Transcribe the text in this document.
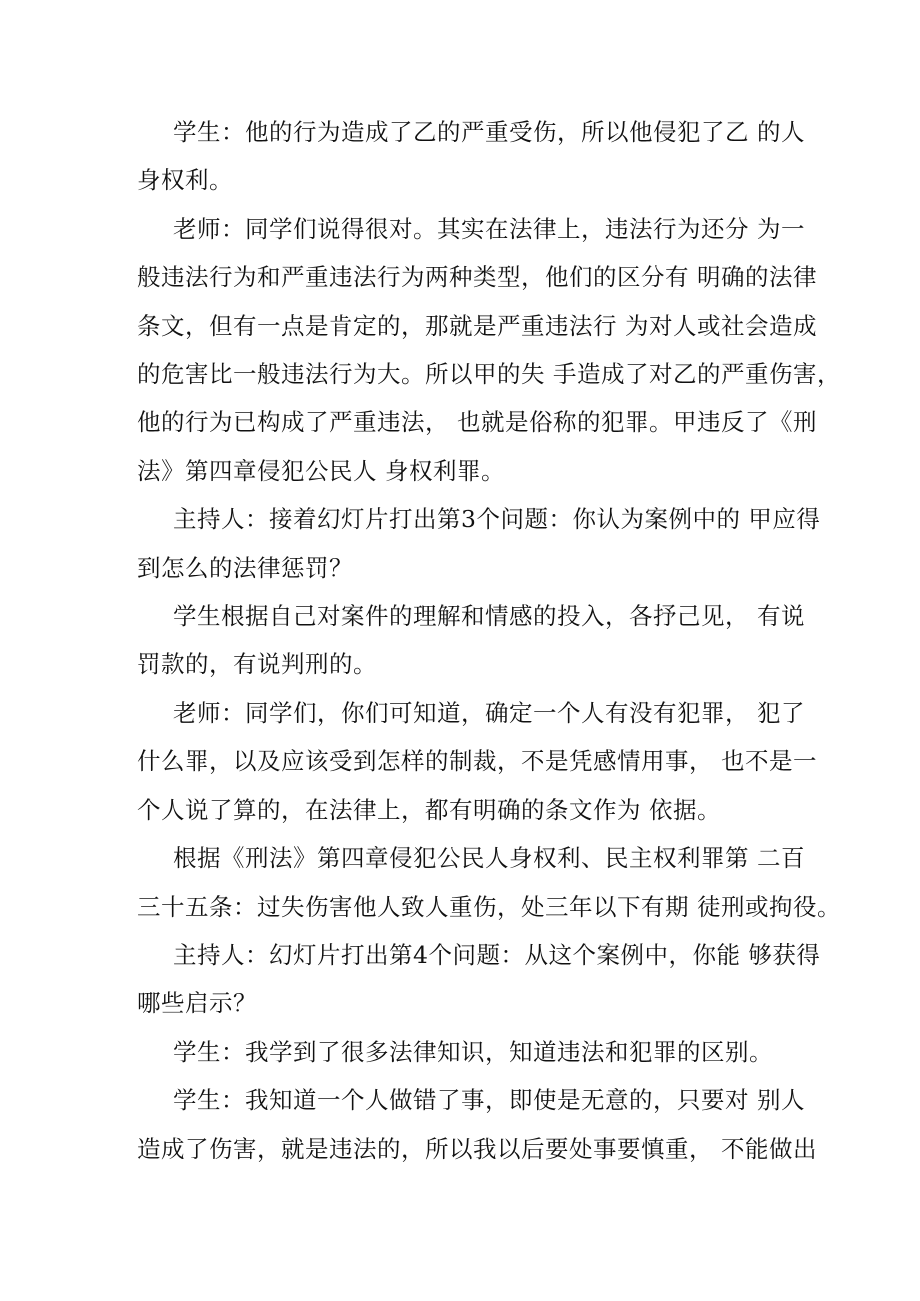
学生：他的行为造成了乙的严重受伤，所以他侵犯了乙 的人
身权利。

老师：同学们说得很对。其实在法律上，违法行为还分 为一
般违法行为和严重违法行为两种类型，他们的区分有 明确的法律
条文，但有一点是肯定的，那就是严重违法行 为对人或社会造成
的危害比一般违法行为大。所以甲的失 手造成了对乙的严重伤害，
他的行为已构成了严重违法， 也就是俗称的犯罪。甲违反了《刑
法》第四章侵犯公民人 身权利罪。

主持人：接着幻灯片打出第3个问题：你认为案例中的 甲应得
到怎么的法律惩罚？

学生根据自己对案件的理解和情感的投入，各抒己见， 有说
罚款的，有说判刑的。

老师：同学们，你们可知道，确定一个人有没有犯罪， 犯了
什么罪，以及应该受到怎样的制裁，不是凭感情用事， 也不是一
个人说了算的，在法律上，都有明确的条文作为 依据。

根据《刑法》第四章侵犯公民人身权利、民主权利罪第 二百
三十五条：过失伤害他人致人重伤，处三年以下有期 徒刑或拘役。

主持人：幻灯片打出第4个问题：从这个案例中，你能 够获得
哪些启示？

学生：我学到了很多法律知识，知道违法和犯罪的区别。

学生：我知道一个人做错了事，即使是无意的，只要对 别人
造成了伤害，就是违法的，所以我以后要处事要慎重， 不能做出
